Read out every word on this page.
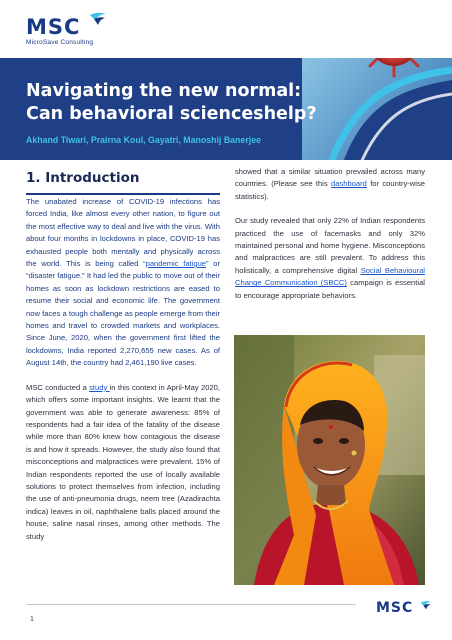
MSC
MicroSave Consulting
Navigating the new normal:
Can behavioral scienceshelp?
Akhand Tiwari, Prairna Koul, Gayatri, Manoshij Banerjee
1. Introduction

The unabated increase of COVID-19 infections has forced India, like almost every other nation, to figure out the most effective way to deal and live with the virus. With about four months in lockdowns in place, COVID-19 has exhausted people both mentally and physically across the world. This is being called “pandemic fatigue” or “disaster fatigue.” It had led the public to move out of their homes as soon as lockdown restrictions are eased to resume their social and economic life. The government now faces a tough challenge as people emerge from their homes and travel to crowded markets and workplaces. Since June, 2020, when the government first lifted the lockdowns, India reported 2,270,655 new cases. As of August 14th, the country had 2,461,190 live cases.

MSC conducted a study in this context in April-May 2020, which offers some important insights. We learnt that the government was able to generate awareness: 85% of respondents had a fair idea of the fatality of the disease while more than 80% knew how contagious the disease is and how it spreads. However, the study also found that misconceptions and malpractices were prevalent. 15% of Indian respondents reported the use of locally available solutions to protect themselves from infection, including the use of anti-pneumonia drugs, neem tree (Azadirachta indica) leaves in oil, naphthalene balls placed around the house, saline nasal rinses, among other methods. The study

showed that a similar situation prevailed across many countries. (Please see this dashboard for country-wise statistics).

Our study revealed that only 22% of Indian respondents practiced the use of facemasks and only 32% maintained personal and home hygiene. Misconceptions and malpractices are still prevalent. To address this holistically, a comprehensive digital Social Behavioural Change Communication (SBCC) campaign is essential to encourage appropriate behaviors.

1
MSC
